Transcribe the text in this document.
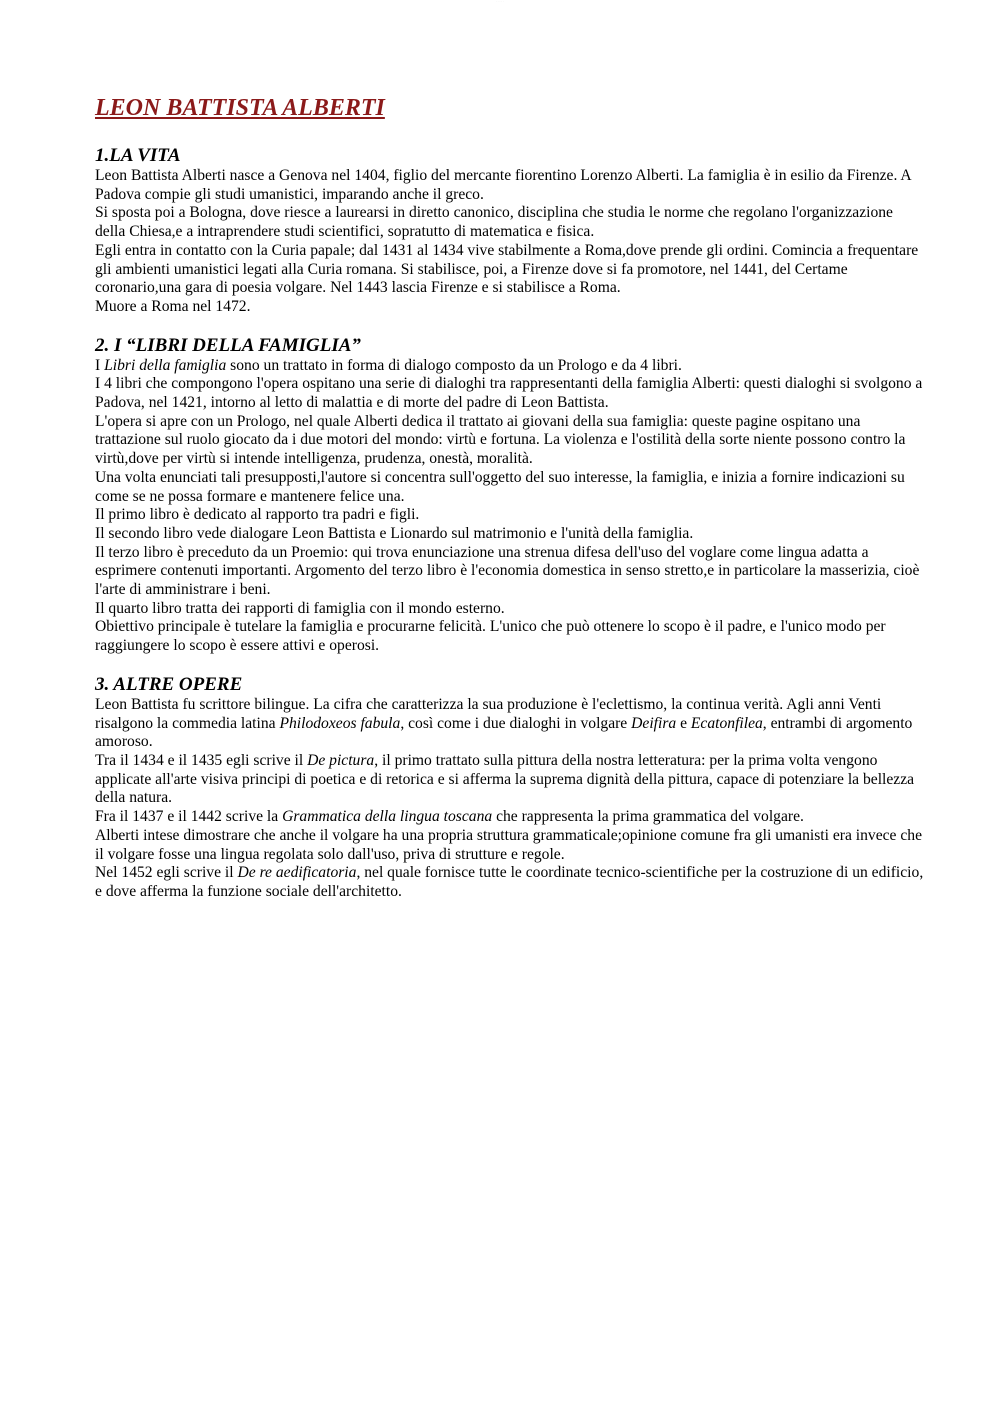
· · · · ·
LEON BATTISTA ALBERTI
1.LA VITA

Leon Battista Alberti nasce a Genova nel 1404, figlio del mercante fiorentino Lorenzo Alberti. La famiglia è in esilio da Firenze. A Padova compie gli studi umanistici, imparando anche il greco.

Si sposta poi a Bologna, dove riesce a laurearsi in diretto canonico, disciplina che studia le norme che regolano l'organizzazione della Chiesa,e a intraprendere studi scientifici, sopratutto di matematica e fisica.

Egli entra in contatto con la Curia papale; dal 1431 al 1434 vive stabilmente a Roma,dove prende gli ordini. Comincia a frequentare gli ambienti umanistici legati alla Curia romana. Si stabilisce, poi, a Firenze dove si fa promotore, nel 1441, del Certame coronario,una gara di poesia volgare. Nel 1443 lascia Firenze e si stabilisce a Roma.

Muore a Roma nel 1472.

2. I “LIBRI DELLA FAMIGLIA”

I Libri della famiglia sono un trattato in forma di dialogo composto da un Prologo e da 4 libri.

I 4 libri che compongono l'opera ospitano una serie di dialoghi tra rappresentanti della famiglia Alberti: questi dialoghi si svolgono a Padova, nel 1421, intorno al letto di malattia e di morte del padre di Leon Battista.

L'opera si apre con un Prologo, nel quale Alberti dedica il trattato ai giovani della sua famiglia: queste pagine ospitano una trattazione sul ruolo giocato da i due motori del mondo: virtù e fortuna. La violenza e l'ostilità della sorte niente possono contro la virtù,dove per virtù si intende intelligenza, prudenza, onestà, moralità.

Una volta enunciati tali presupposti,l'autore si concentra sull'oggetto del suo interesse, la famiglia, e inizia a fornire indicazioni su come se ne possa formare e mantenere felice una.

Il primo libro è dedicato al rapporto tra padri e figli.

Il secondo libro vede dialogare Leon Battista e Lionardo sul matrimonio e l'unità della famiglia.

Il terzo libro è preceduto da un Proemio: qui trova enunciazione una strenua difesa dell'uso del voglare come lingua adatta a esprimere contenuti importanti. Argomento del terzo libro è l'economia domestica in senso stretto,e in particolare la masserizia, cioè l'arte di amministrare i beni.

Il quarto libro tratta dei rapporti di famiglia con il mondo esterno.

Obiettivo principale è tutelare la famiglia e procurarne felicità. L'unico che può ottenere lo scopo è il padre, e l'unico modo per raggiungere lo scopo è essere attivi e operosi.

3. ALTRE OPERE

Leon Battista fu scrittore bilingue. La cifra che caratterizza la sua produzione è l'eclettismo, la continua verità. Agli anni Venti risalgono la commedia latina Philodoxeos fabula, così come i due dialoghi in volgare Deifira e Ecatonfilea, entrambi di argomento amoroso.

Tra il 1434 e il 1435 egli scrive il De pictura, il primo trattato sulla pittura della nostra letteratura: per la prima volta vengono applicate all'arte visiva principi di poetica e di retorica e si afferma la suprema dignità della pittura, capace di potenziare la bellezza della natura.

Fra il 1437 e il 1442 scrive la Grammatica della lingua toscana che rappresenta la prima grammatica del volgare.

Alberti intese dimostrare che anche il volgare ha una propria struttura grammaticale;opinione comune fra gli umanisti era invece che il volgare fosse una lingua regolata solo dall'uso, priva di strutture e regole.

Nel 1452 egli scrive il De re aedificatoria, nel quale fornisce tutte le coordinate tecnico-scientifiche per la costruzione di un edificio, e dove afferma la funzione sociale dell'architetto.
